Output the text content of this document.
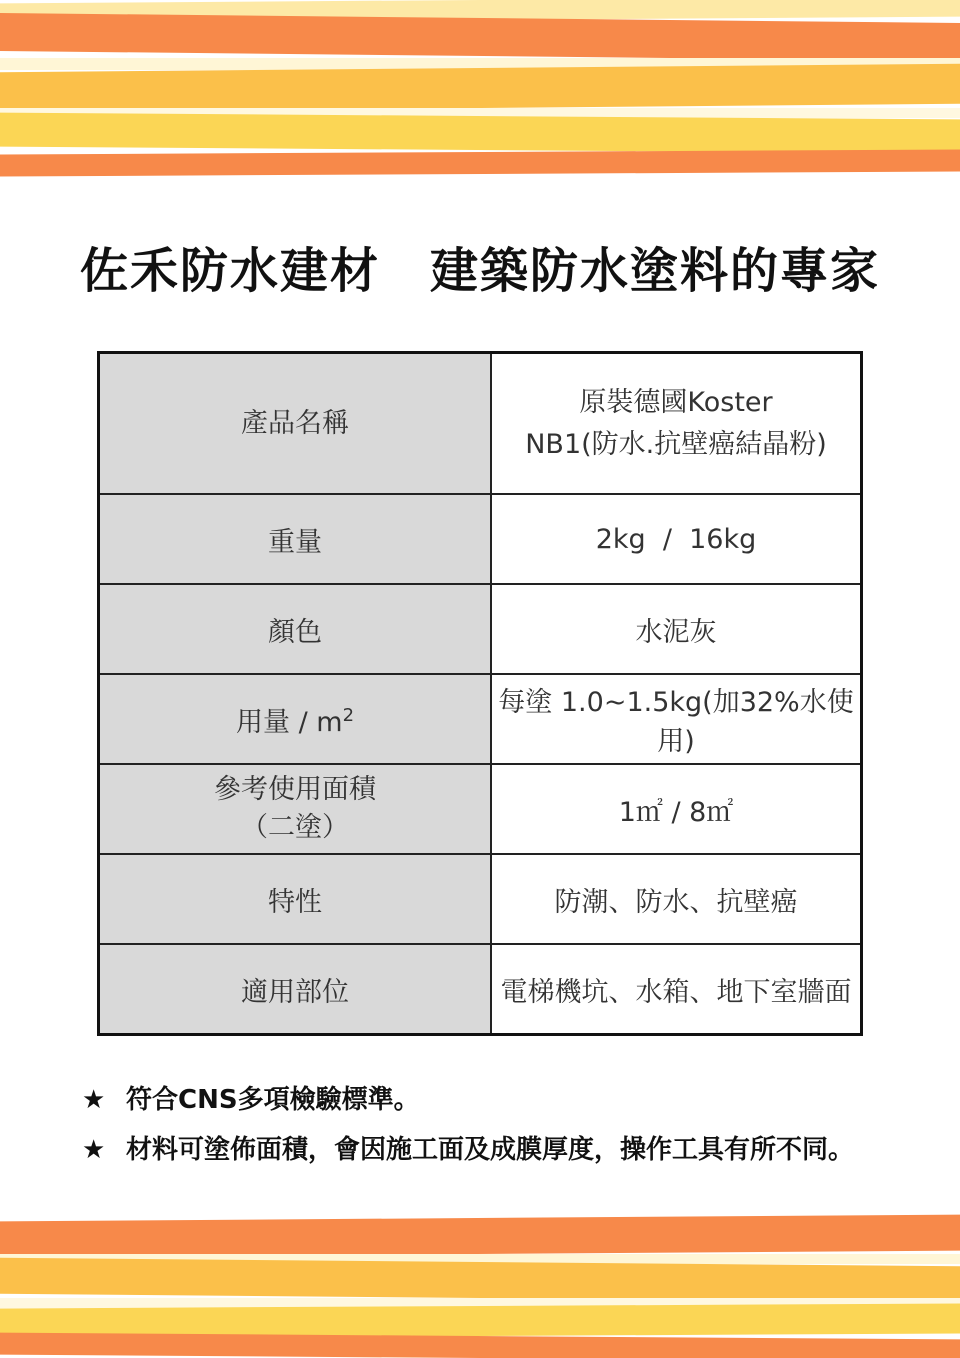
佐禾防水建材　建築防水塗料的專家
產品名稱	原裝德國Koster
NB1(防水.抗壁癌結晶粉)

重量	2kg  /  16kg
顏色	水泥灰
用量 / $m^2$	每塗 1.0~1.5kg(加32%水使用)

參考使用面積
（二塗）	1㎡ / 8㎡
特性	防潮、防水、抗壁癌
適用部位	電梯機坑、水箱、地下室牆面
★ 符合CNS多項檢驗標準。
★ 材料可塗佈面積，會因施工面及成膜厚度，操作工具有所不同。
